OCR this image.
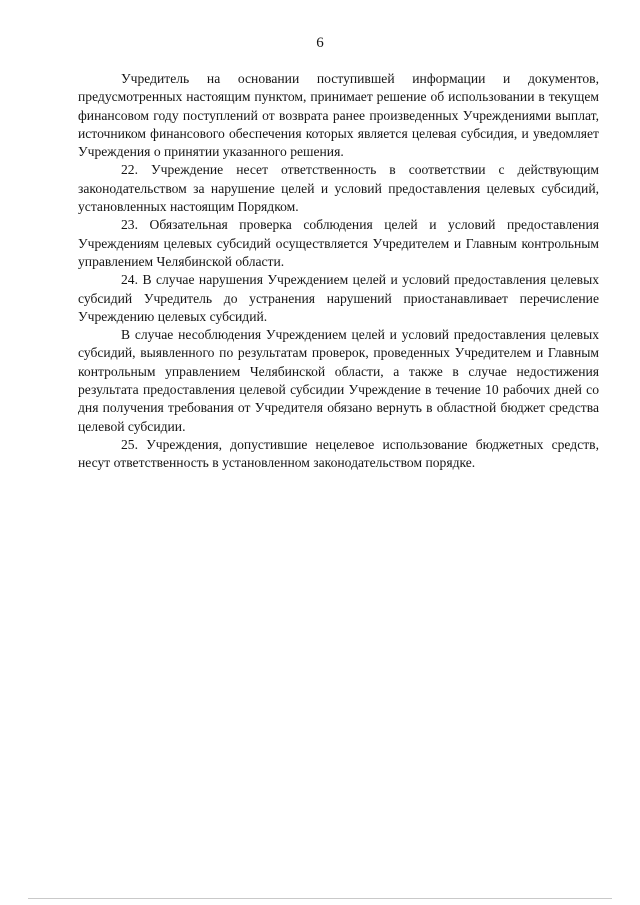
6

Учредитель на основании поступившей информации и документов, предусмотренных настоящим пунктом, принимает решение об использовании в текущем финансовом году поступлений от возврата ранее произведенных Учреждениями выплат, источником финансового обеспечения которых является целевая субсидия, и уведомляет Учреждения о принятии указанного решения.

22. Учреждение несет ответственность в соответствии с действующим законодательством за нарушение целей и условий предоставления целевых субсидий, установленных настоящим Порядком.

23. Обязательная проверка соблюдения целей и условий предоставления Учреждениям целевых субсидий осуществляется Учредителем и Главным контрольным управлением Челябинской области.

24. В случае нарушения Учреждением целей и условий предоставления целевых субсидий Учредитель до устранения нарушений приостанавливает перечисление Учреждению целевых субсидий.

В случае несоблюдения Учреждением целей и условий предоставления целевых субсидий, выявленного по результатам проверок, проведенных Учредителем и Главным контрольным управлением Челябинской области, а также в случае недостижения результата предоставления целевой субсидии Учреждение в течение 10 рабочих дней со дня получения требования от Учредителя обязано вернуть в областной бюджет средства целевой субсидии.

25. Учреждения, допустившие нецелевое использование бюджетных средств, несут ответственность в установленном законодательством порядке.
